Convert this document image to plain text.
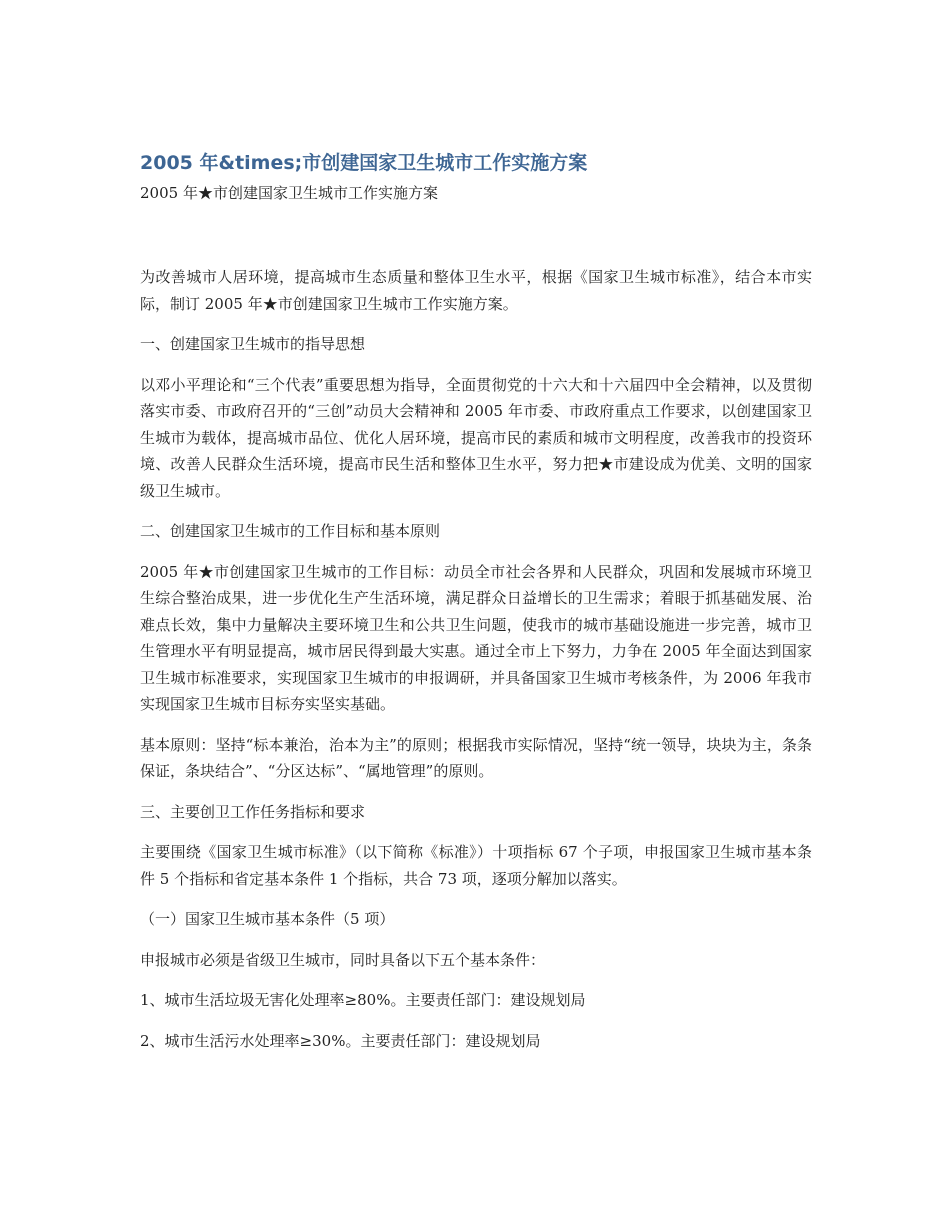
2005 年&times;市创建国家卫生城市工作实施方案
2005 年★市创建国家卫生城市工作实施方案

为改善城市人居环境，提高城市生态质量和整体卫生水平，根据《国家卫生城市标准》，结合本市实际，制订 2005 年★市创建国家卫生城市工作实施方案。

一、创建国家卫生城市的指导思想

以邓小平理论和“三个代表”重要思想为指导，全面贯彻党的十六大和十六届四中全会精神，以及贯彻落实市委、市政府召开的“三创”动员大会精神和 2005 年市委、市政府重点工作要求，以创建国家卫生城市为载体，提高城市品位、优化人居环境，提高市民的素质和城市文明程度，改善我市的投资环境、改善人民群众生活环境，提高市民生活和整体卫生水平，努力把★市建设成为优美、文明的国家级卫生城市。

二、创建国家卫生城市的工作目标和基本原则

2005 年★市创建国家卫生城市的工作目标：动员全市社会各界和人民群众，巩固和发展城市环境卫生综合整治成果，进一步优化生产生活环境，满足群众日益增长的卫生需求；着眼于抓基础发展、治难点长效，集中力量解决主要环境卫生和公共卫生问题，使我市的城市基础设施进一步完善，城市卫生管理水平有明显提高，城市居民得到最大实惠。通过全市上下努力，力争在 2005 年全面达到国家卫生城市标准要求，实现国家卫生城市的申报调研，并具备国家卫生城市考核条件，为 2006 年我市实现国家卫生城市目标夯实坚实基础。

基本原则：坚持“标本兼治，治本为主”的原则；根据我市实际情况，坚持“统一领导，块块为主，条条保证，条块结合”、“分区达标”、“属地管理”的原则。

三、主要创卫工作任务指标和要求

主要围绕《国家卫生城市标准》（以下简称《标准》）十项指标 67 个子项，申报国家卫生城市基本条件 5 个指标和省定基本条件 1 个指标，共合 73 项，逐项分解加以落实。

（一）国家卫生城市基本条件（5 项）

申报城市必须是省级卫生城市，同时具备以下五个基本条件：

1、城市生活垃圾无害化处理率≥80%。主要责任部门：建设规划局

2、城市生活污水处理率≥30%。主要责任部门：建设规划局
